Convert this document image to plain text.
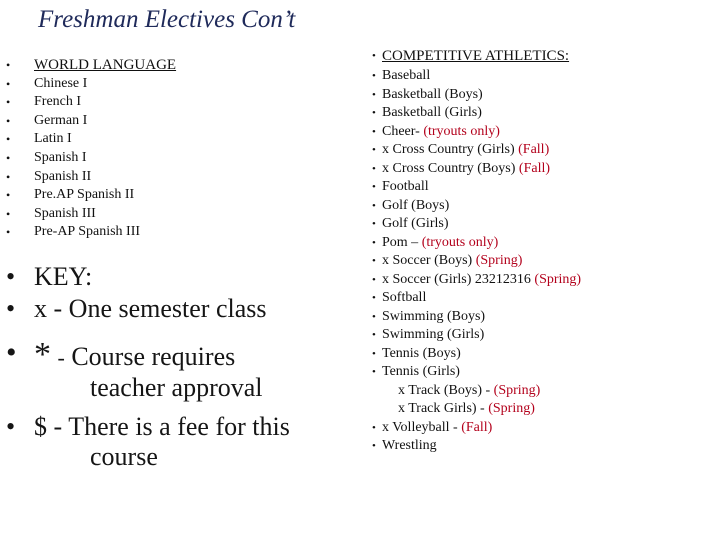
Freshman Electives Con’t
• WORLD LANGUAGE
• Chinese I
• French I
• German I
• Latin I
• Spanish I
• Spanish II
• Pre.AP Spanish II
• Spanish III
• Pre-AP Spanish III
• KEY:
• x - One semester class
• * - Course requires
teacher approval
• $ - There is a fee for this
course
• COMPETITIVE ATHLETICS:
• Baseball
• Basketball (Boys)
• Basketball (Girls)
• Cheer- (tryouts only)
• x Cross Country (Girls) (Fall)
• x Cross Country (Boys) (Fall)
• Football
• Golf (Boys)
• Golf (Girls)
• Pom – (tryouts only)
• x Soccer (Boys) (Spring)
• x Soccer (Girls) 23212316 (Spring)
• Softball
• Swimming (Boys)
• Swimming (Girls)
• Tennis (Boys)
• Tennis (Girls)
x Track (Boys) - (Spring)
x Track Girls) - (Spring)
• x Volleyball - (Fall)
• Wrestling
